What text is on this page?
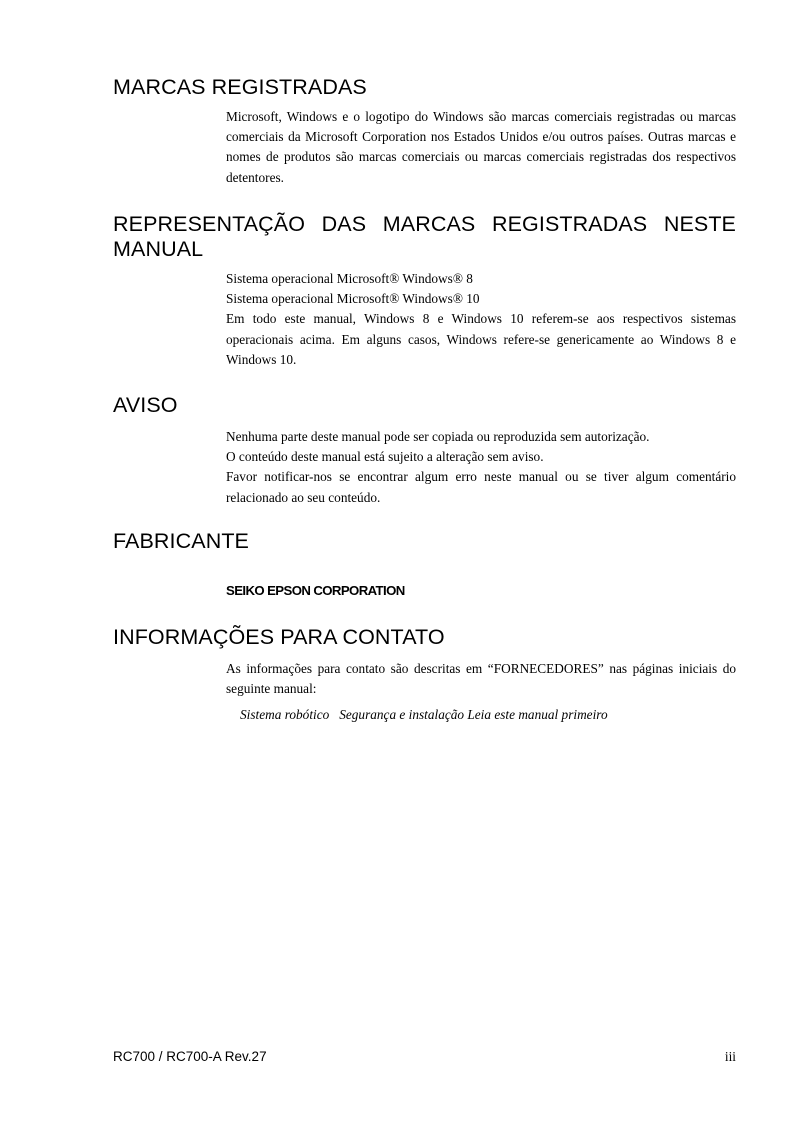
MARCAS REGISTRADAS

Microsoft, Windows e o logotipo do Windows são marcas comerciais registradas ou marcas comerciais da Microsoft Corporation nos Estados Unidos e/ou outros países. Outras marcas e nomes de produtos são marcas comerciais ou marcas comerciais registradas dos respectivos detentores.

REPRESENTAÇÃO DAS MARCAS REGISTRADAS NESTE MANUAL

Sistema operacional Microsoft® Windows® 8

Sistema operacional Microsoft® Windows® 10

Em todo este manual, Windows 8 e Windows 10 referem-se aos respectivos sistemas operacionais acima. Em alguns casos, Windows refere-se genericamente ao Windows 8 e Windows 10.

AVISO

Nenhuma parte deste manual pode ser copiada ou reproduzida sem autorização.

O conteúdo deste manual está sujeito a alteração sem aviso.

Favor notificar-nos se encontrar algum erro neste manual ou se tiver algum comentário relacionado ao seu conteúdo.

FABRICANTE
SEIKO EPSON CORPORATION
INFORMAÇÕES PARA CONTATO

As informações para contato são descritas em “FORNECEDORES” nas páginas iniciais do seguinte manual:

Sistema robótico   Segurança e instalação Leia este manual primeiro
RC700 / RC700-A Rev.27	iii
